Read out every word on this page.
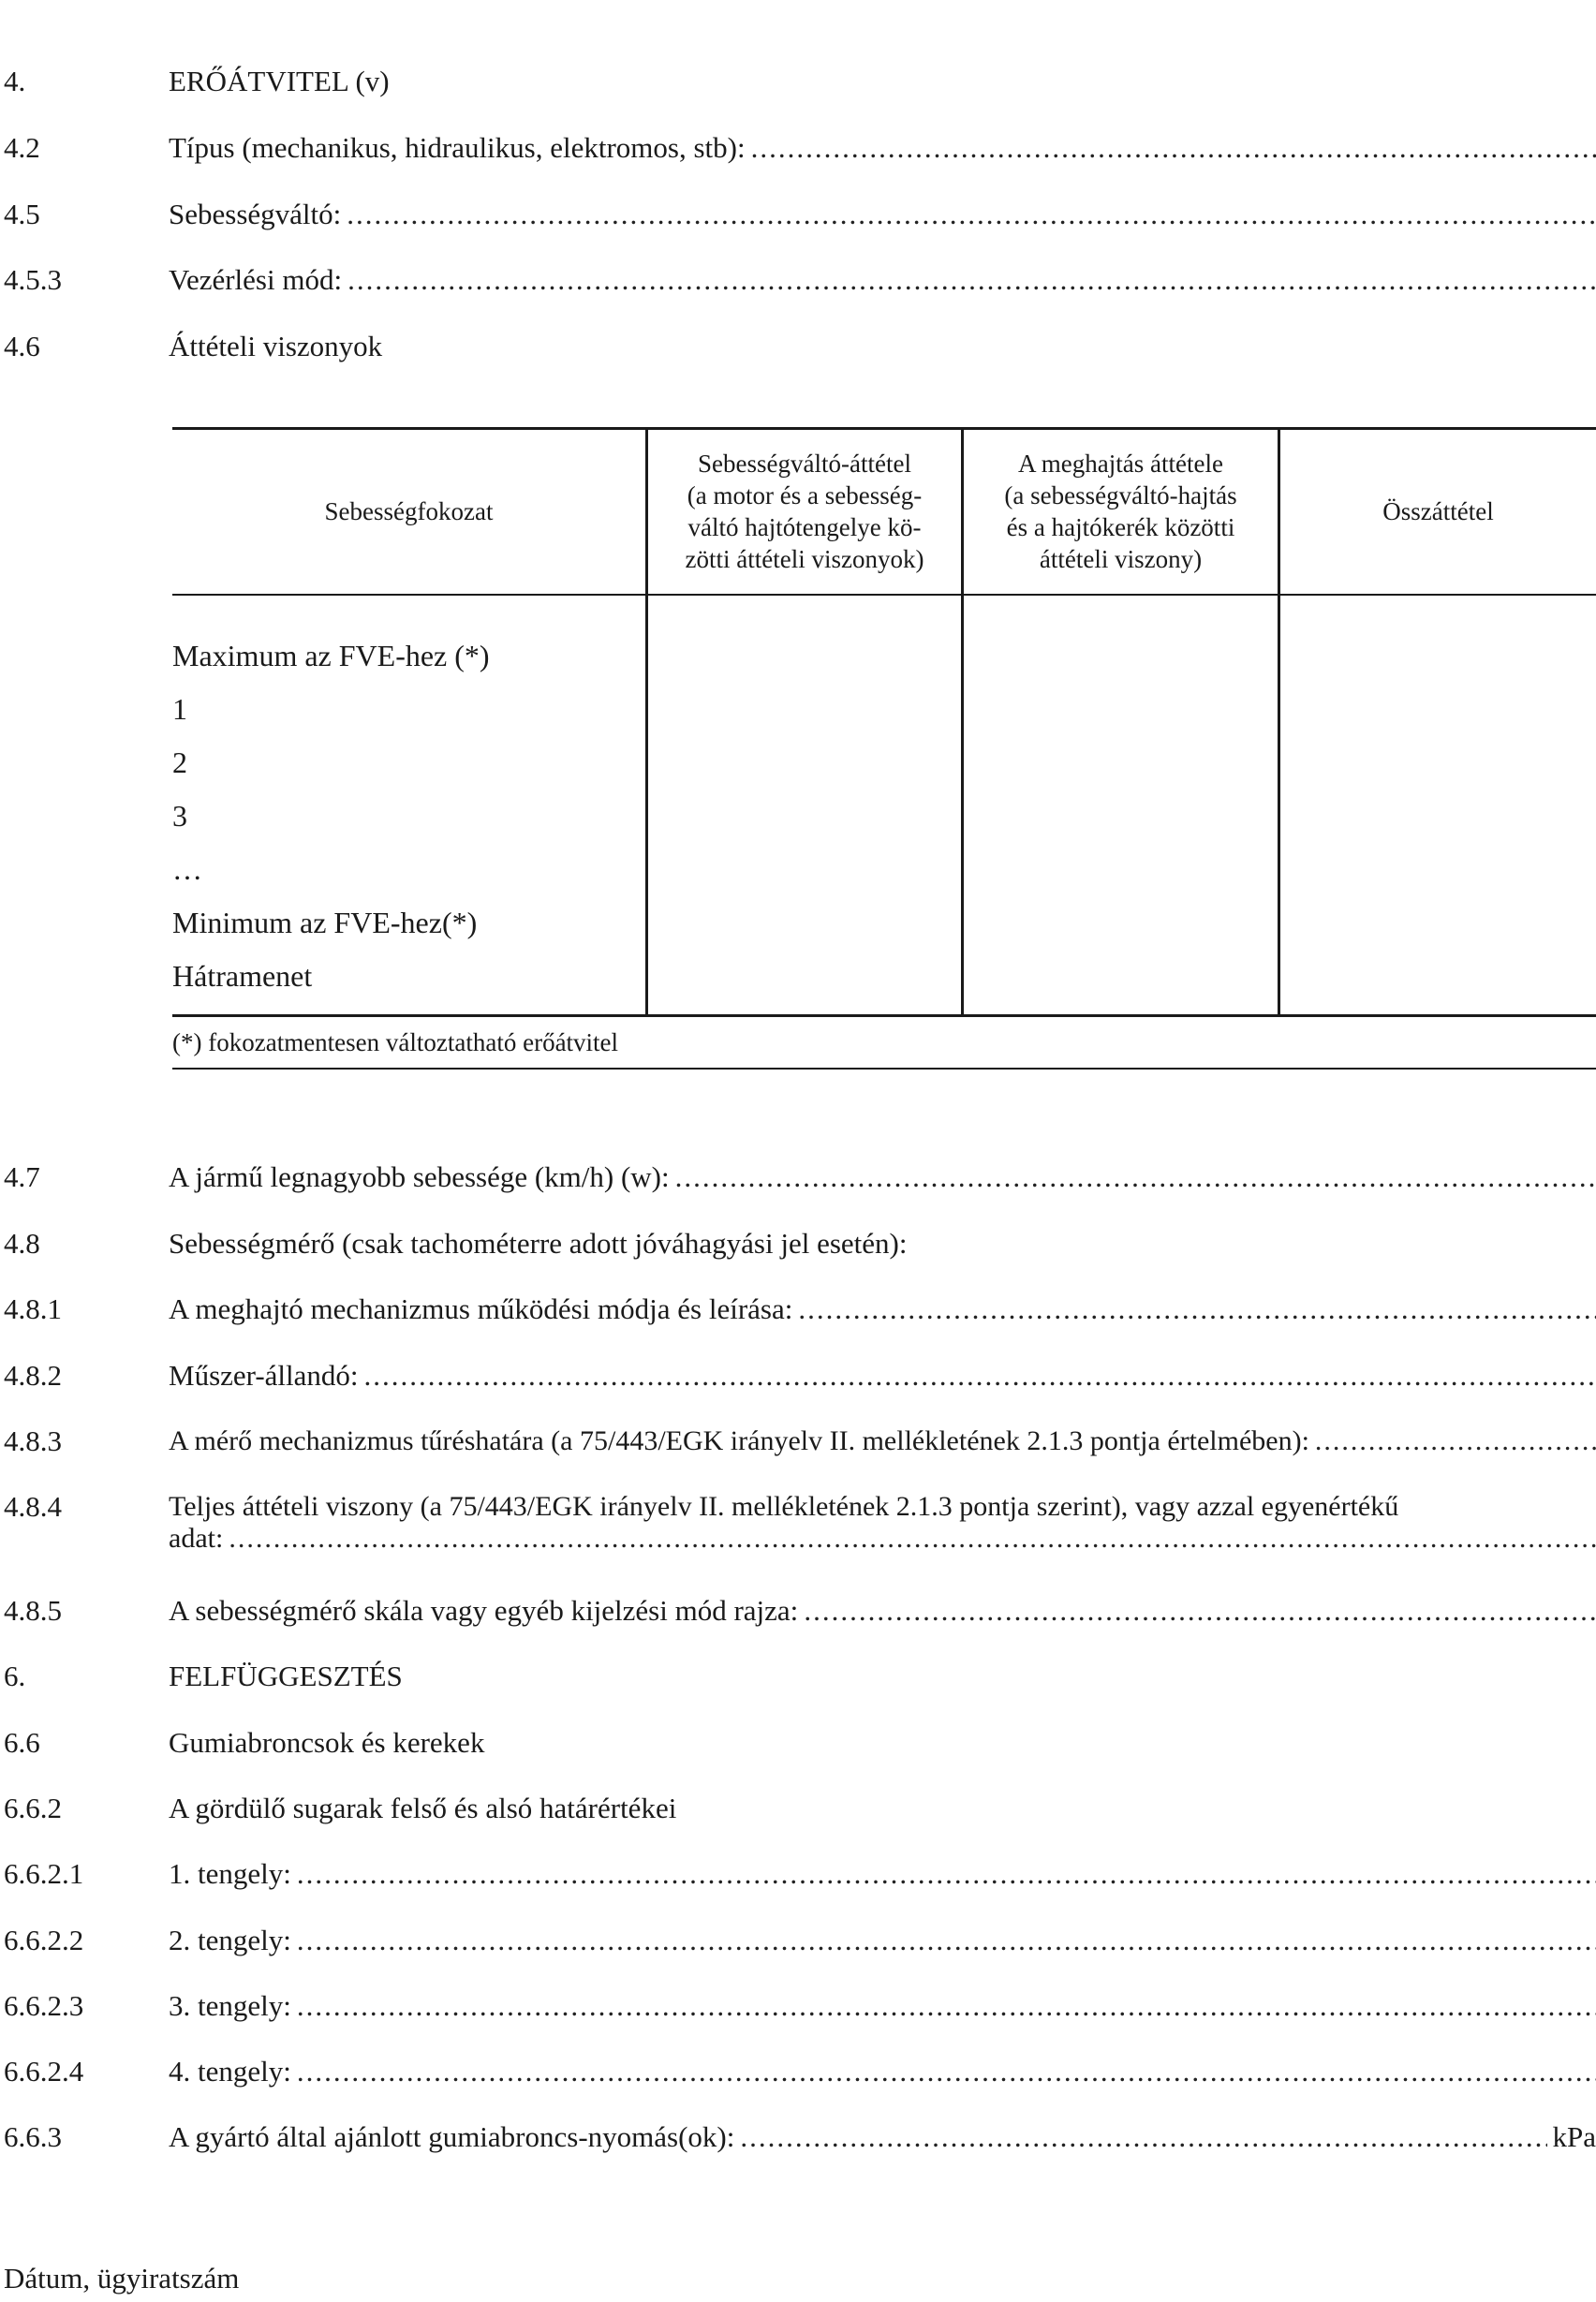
4.	ERŐÁTVITEL (v)
4.2	Típus (mechanikus, hidraulikus, elektromos, stb):
.....
4.5	Sebességváltó:
.....
4.5.3	Vezérlési mód:
.....
4.6	Áttételi viszonyok
Sebességfokozat
Sebességváltó-áttétel
(a motor és a sebesség-
váltó hajtótengelye kö-
zötti áttételi viszonyok)
A meghajtás áttétele
(a sebességváltó-hajtás
és a hajtókerék közötti
áttételi viszony)
Összáttétel
Maximum az FVE-hez (*)
1
2
3
…
Minimum az FVE-hez(*)
Hátramenet
(*) fokozatmentesen változtatható erőátvitel
4.7	A jármű legnagyobb sebessége (km/h) (w):
.....
4.8	Sebességmérő (csak tachométerre adott jóváhagyási jel esetén):
4.8.1	A meghajtó mechanizmus működési módja és leírása:
.....
4.8.2	Műszer-állandó:
.....
4.8.3	A mérő mechanizmus tűréshatára (a 75/443/EGK irányelv II. mellékletének 2.1.3 pontja értelmében):
.....
4.8.4	Teljes áttételi viszony (a 75/443/EGK irányelv II. mellékletének 2.1.3 pontja szerint), vagy azzal egyenértékű
adat:
.....
4.8.5	A sebességmérő skála vagy egyéb kijelzési mód rajza:
.....
6.	FELFÜGGESZTÉS
6.6	Gumiabroncsok és kerekek
6.6.2	A gördülő sugarak felső és alsó határértékei
6.6.2.1	1. tengely:
.....
6.6.2.2	2. tengely:
.....
6.6.2.3	3. tengely:
.....
6.6.2.4	4. tengely:
.....
6.6.3	A gyártó által ajánlott gumiabroncs-nyomás(ok):
.....	kPa
Dátum, ügyiratszám
